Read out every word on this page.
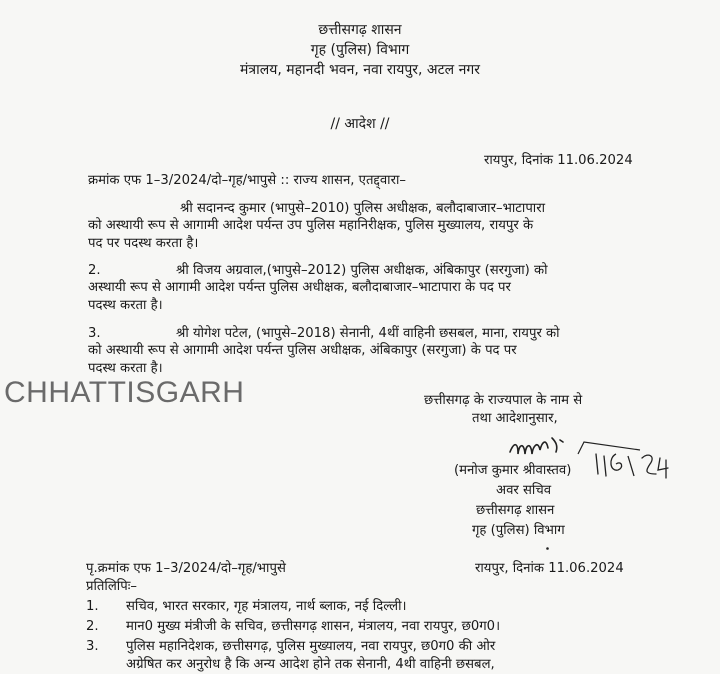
छत्तीसगढ़ शासन
गृह (पुलिस) विभाग
मंत्रालय, महानदी भवन, नवा रायपुर, अटल नगर
// आदेश //
रायपुर, दिनांक 11.06.2024
क्रमांक एफ 1–3/2024/दो–गृह/भापुसे :: राज्य शासन, एतद्द्वारा–
श्री सदानन्द कुमार (भापुसे–2010) पुलिस अधीक्षक, बलौदाबाजार–भाटापारा
को अस्थायी रूप से आगामी आदेश पर्यन्त उप पुलिस महानिरीक्षक, पुलिस मुख्यालय, रायपुर के
पद पर पदस्थ करता है।
2.	श्री विजय अग्रवाल,(भापुसे–2012) पुलिस अधीक्षक, अंबिकापुर (सरगुजा) को
अस्थायी रूप से आगामी आदेश पर्यन्त पुलिस अधीक्षक, बलौदाबाजार–भाटापारा के पद पर
पदस्थ करता है।
3.	श्री योगेश पटेल, (भापुसे–2018) सेनानी, 4थीं वाहिनी छसबल, माना, रायपुर को
को अस्थायी रूप से आगामी आदेश पर्यन्त पुलिस अधीक्षक, अंबिकापुर (सरगुजा) के पद पर
पदस्थ करता है।
CHHATTISGARH	छत्तीसगढ़ के राज्यपाल के नाम से
तथा आदेशानुसार,
(मनोज कुमार श्रीवास्तव)
अवर सचिव
छत्तीसगढ़ शासन
गृह (पुलिस) विभाग
पृ.क्रमांक एफ 1–3/2024/दो–गृह/भापुसे	रायपुर, दिनांक 11.06.2024
प्रतिलिपिः–
1. सचिव, भारत सरकार, गृह मंत्रालय, नार्थ ब्लाक, नई दिल्ली।
2. मान0 मुख्य मंत्रीजी के सचिव, छत्तीसगढ़ शासन, मंत्रालय, नवा रायपुर, छ0ग0।
3. पुलिस महानिदेशक, छत्तीसगढ़, पुलिस मुख्यालय, नवा रायपुर, छ0ग0 की ओर
अग्रेषित कर अनुरोध है कि अन्य आदेश होने तक सेनानी, 4थी वाहिनी छसबल,
